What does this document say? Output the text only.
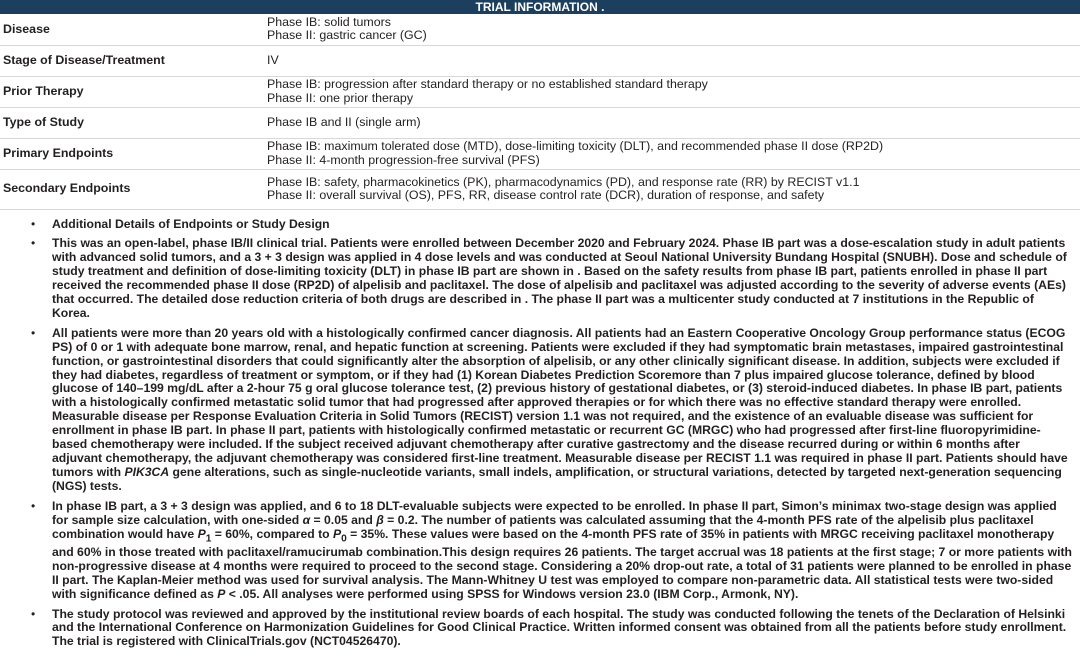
TRIAL INFORMATION .
Disease	Phase IB: solid tumors
Phase II: gastric cancer (GC)

Stage of Disease/Treatment	IV

Prior Therapy	Phase IB: progression after standard therapy or no established standard therapy
Phase II: one prior therapy

Type of Study	Phase IB and II (single arm)

Primary Endpoints	Phase IB: maximum tolerated dose (MTD), dose-limiting toxicity (DLT), and recommended phase II dose (RP2D)
Phase II: 4-month progression-free survival (PFS)

Secondary Endpoints	Phase IB: safety, pharmacokinetics (PK), pharmacodynamics (PD), and response rate (RR) by RECIST v1.1
Phase II: overall survival (OS), PFS, RR, disease control rate (DCR), duration of response, and safety
• Additional Details of Endpoints or Study Design
• This was an open-label, phase IB/II clinical trial. Patients were enrolled between December 2020 and February 2024. Phase IB part was a dose-escalation study in adult patients with advanced solid tumors, and a 3 + 3 design was applied in 4 dose levels and was conducted at Seoul National University Bundang Hospital (SNUBH). Dose and schedule of study treatment and definition of dose-limiting toxicity (DLT) in phase IB part are shown in . Based on the safety results from phase IB part, patients enrolled in phase II part received the recommended phase II dose (RP2D) of alpelisib and paclitaxel. The dose of alpelisib and paclitaxel was adjusted according to the severity of adverse events (AEs) that occurred. The detailed dose reduction criteria of both drugs are described in . The phase II part was a multicenter study conducted at 7 institutions in the Republic of Korea.
• All patients were more than 20 years old with a histologically confirmed cancer diagnosis. All patients had an Eastern Cooperative Oncology Group performance status (ECOG PS) of 0 or 1 with adequate bone marrow, renal, and hepatic function at screening. Patients were excluded if they had symptomatic brain metastases, impaired gastrointestinal function, or gastrointestinal disorders that could significantly alter the absorption of alpelisib, or any other clinically significant disease. In addition, subjects were excluded if they had diabetes, regardless of treatment or symptom, or if they had (1) Korean Diabetes Prediction Scoremore than 7 plus impaired glucose tolerance, defined by blood glucose of 140–199 mg/dL after a 2-hour 75 g oral glucose tolerance test, (2) previous history of gestational diabetes, or (3) steroid-induced diabetes. In phase IB part, patients with a histologically confirmed metastatic solid tumor that had progressed after approved therapies or for which there was no effective standard therapy were enrolled. Measurable disease per Response Evaluation Criteria in Solid Tumors (RECIST) version 1.1 was not required, and the existence of an evaluable disease was sufficient for enrollment in phase IB part. In phase II part, patients with histologically confirmed metastatic or recurrent GC (MRGC) who had progressed after first-line fluoropyrimidine-based chemotherapy were included. If the subject received adjuvant chemotherapy after curative gastrectomy and the disease recurred during or within 6 months after adjuvant chemotherapy, the adjuvant chemotherapy was considered first-line treatment. Measurable disease per RECIST 1.1 was required in phase II part. Patients should have tumors with PIK3CA gene alterations, such as single-nucleotide variants, small indels, amplification, or structural variations, detected by targeted next-generation sequencing (NGS) tests.
• In phase IB part, a 3 + 3 design was applied, and 6 to 18 DLT-evaluable subjects were expected to be enrolled. In phase II part, Simon’s minimax two-stage design was applied for sample size calculation, with one-sided α = 0.05 and β = 0.2. The number of patients was calculated assuming that the 4-month PFS rate of the alpelisib plus paclitaxel combination would have $P_1 = 60\%$, compared to $P_0 = 35\%$. These values were based on the 4-month PFS rate of 35% in patients with MRGC receiving paclitaxel monotherapy and 60% in those treated with paclitaxel/ramucirumab combination.This design requires 26 patients. The target accrual was 18 patients at the first stage; 7 or more patients with non-progressive disease at 4 months were required to proceed to the second stage. Considering a 20% drop-out rate, a total of 31 patients were planned to be enrolled in phase II part. The Kaplan-Meier method was used for survival analysis. The Mann-Whitney U test was employed to compare non-parametric data. All statistical tests were two-sided with significance defined as P < .05. All analyses were performed using SPSS for Windows version 23.0 (IBM Corp., Armonk, NY).
• The study protocol was reviewed and approved by the institutional review boards of each hospital. The study was conducted following the tenets of the Declaration of Helsinki and the International Conference on Harmonization Guidelines for Good Clinical Practice. Written informed consent was obtained from all the patients before study enrollment. The trial is registered with ClinicalTrials.gov (NCT04526470).
